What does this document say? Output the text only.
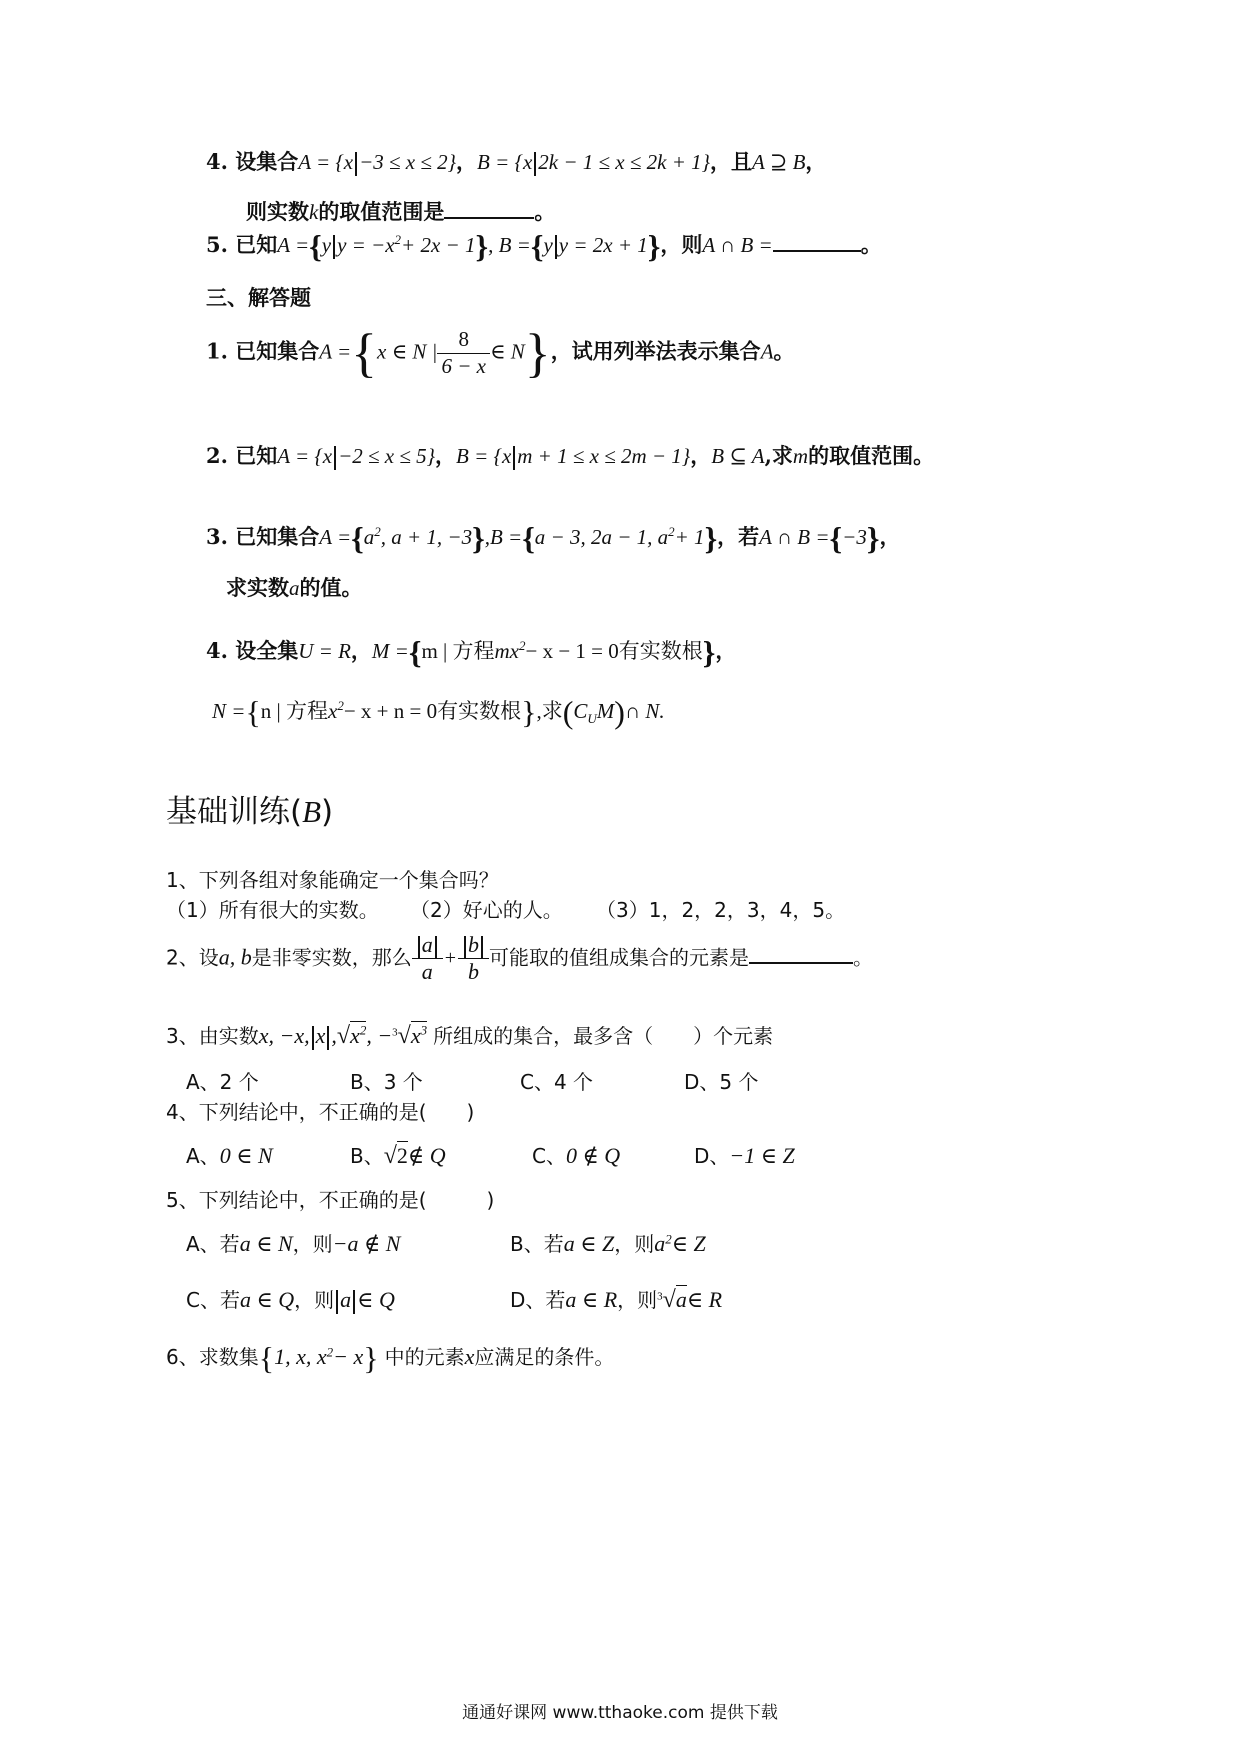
4. 设集合A = {x −3 ≤ x ≤ 2}，B = {x 2k − 1 ≤ x ≤ 2k + 1}，且A ⊇ B，
则实数k的取值范围是	。
5. 已知A ={y $y = -x^2+ 2x - 1$}, B ={y y = 2x + 1}，则A ∩ B =	。
三、解答题
1. 已知集合A ={x ∈ N | $\frac{8}{6 - x}$ ∈ N}，试用列举法表示集合A。
2. 已知A = {x −2 ≤ x ≤ 5}，B = {x m + 1 ≤ x ≤ 2m − 1}，B ⊆ A,求m的取值范围。
3. 已知集合$A =\{a^2$, a + 1, −3},B ={a − 3, 2a − 1, $a^2+ 1$}，若A ∩ B ={−3}，
求实数a的值。
4. 设全集U = R，M ={m | 方程$mx^2- x - 1 = 0$有实数根}，
N ={n | 方程$x^2- x + n = 0$有实数根},求$(C_UM)\cap$ N.
基础训练(B)
1、下列各组对象能确定一个集合吗？
（1）所有很大的实数。 （2）好心的人。 （3）1，2，2，3，4，5。
2、设a, b是非零实数，那么 $\frac{a}{a} + \frac{b}{b}$ 可能取的值组成集合的元素是	。
3、由实数x, −x, x $,√x^2$, $-^3√x^3$ 所组成的集合，最多含（　　）个元素
A、2 个	B、3 个	C、4 个	D、5 个
4、下列结论中，不正确的是(　　)
A、0 ∈ N	B、√2∉ Q	C、0 ∉ Q	D、−1 ∈ Z
5、下列结论中，不正确的是(　　　)
A、若a ∈ N，则−a ∉ N	B、若a ∈ Z，则$a^2\in$ Z
C、若a ∈ Q，则 a ∈ Q	D、若a ∈ R，则$^3$√a∈ R
6、求数集{1, x, $x^2- x$} 中的元素x应满足的条件。
通通好课网 www.tthaoke.com 提供下载
